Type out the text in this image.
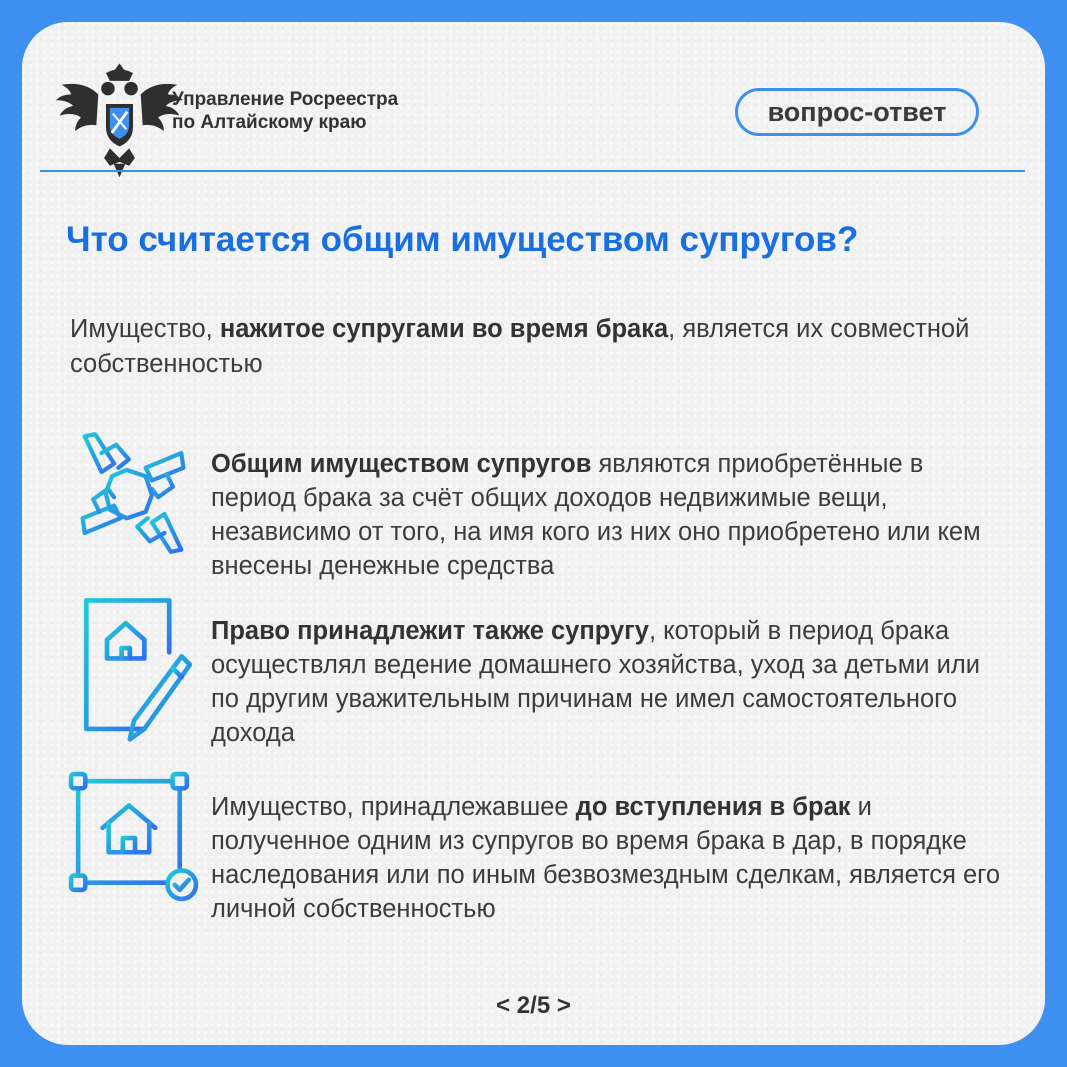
Управление Росреестра
по Алтайскому краю	вопрос-ответ
Что считается общим имуществом супругов?
Имущество, нажитое супругами во время брака, является их совместной собственностью
Общим имуществом супругов являются приобретённые в период брака за счёт общих доходов недвижимые вещи, независимо от того, на имя кого из них оно приобретено или кем внесены денежные средства
Право принадлежит также супругу, который в период брака осуществлял ведение домашнего хозяйства, уход за детьми или по другим уважительным причинам не имел самостоятельного дохода
Имущество, принадлежавшее до вступления в брак и полученное одним из супругов во время брака в дар, в порядке наследования или по иным безвозмездным сделкам, является его личной собственностью
< 2/5 >
